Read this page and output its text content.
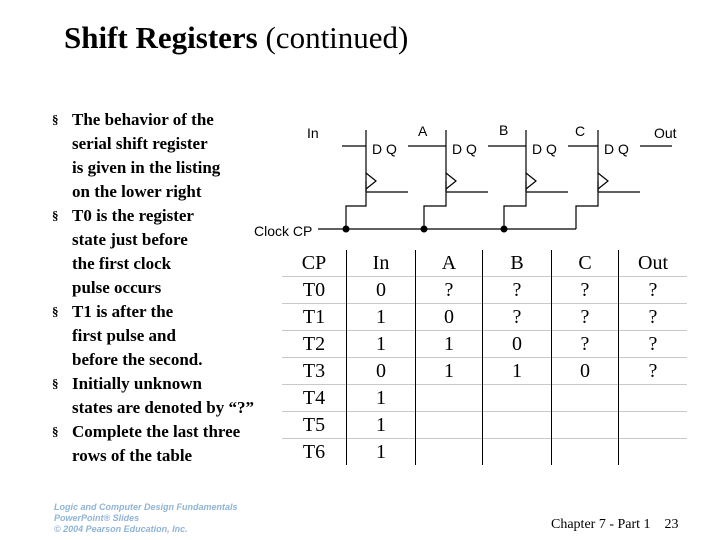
Shift Registers (continued)
§ The behavior of the
serial shift register
is given in the listing
on the lower right
§ T0 is the register
state just before
the first clock
pulse occurs
§ T1 is after the
first pulse and
before the second.
§ Initially unknown
states are denoted by “?”
§ Complete the last three
rows of the table
In
Clock CP
D Q	D Q	D Q	D Q
A	B	C	Out
CP	In	A	B	C	Out
T0	0	?	?	?	?
T1	1	0	?	?	?
T2	1	1	0	?	?
T3	0	1	1	0	?
T4	1				
T5	1				
T6	1				
Logic and Computer Design Fundamentals
PowerPoint® Slides
© 2004 Pearson Education, Inc.	Chapter 7 - Part 1 23
